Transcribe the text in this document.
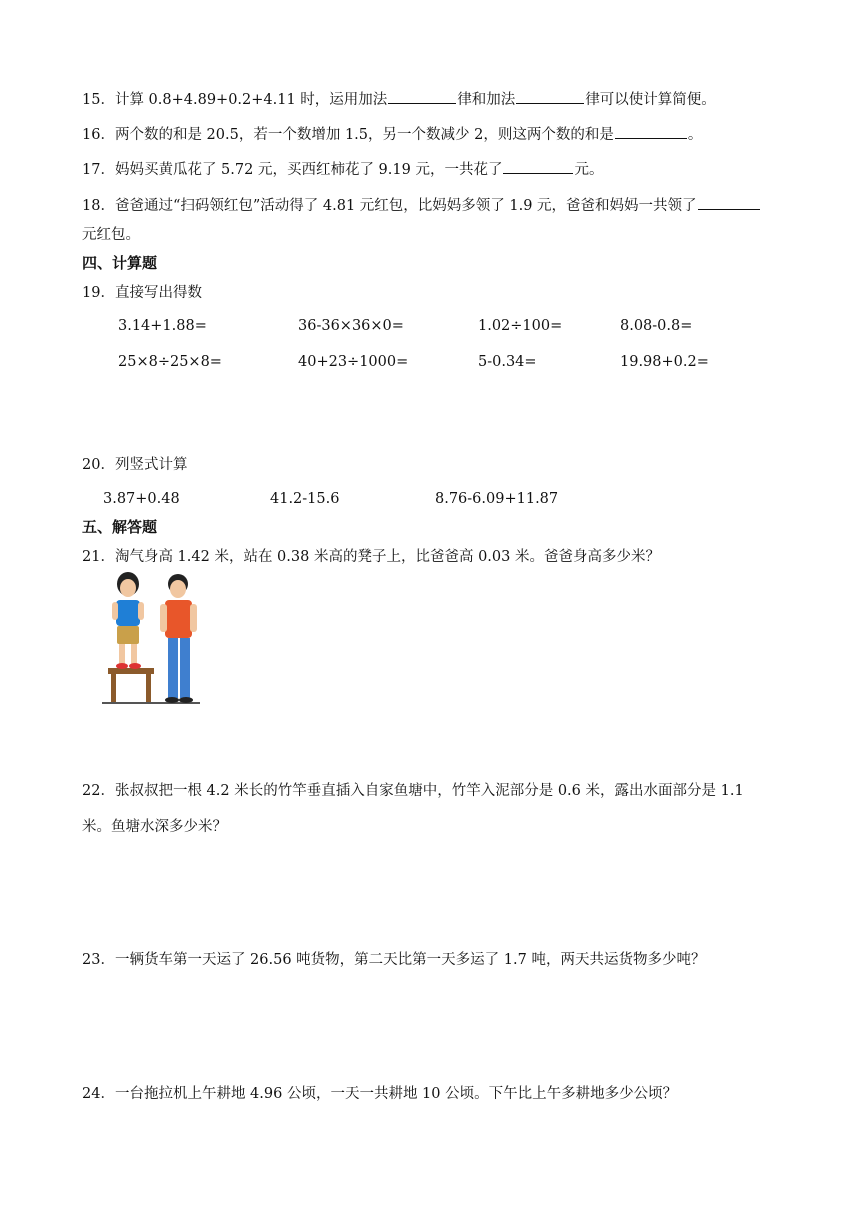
15．计算 0.8+4.89+0.2+4.11 时，运用加法	律和加法	律可以使计算简便。
16．两个数的和是 20.5，若一个数增加 1.5，另一个数减少 2，则这两个数的和是	。
17．妈妈买黄瓜花了 5.72 元，买西红柿花了 9.19 元，一共花了	元。
18．爸爸通过“扫码领红包”活动得了 4.81 元红包，比妈妈多领了 1.9 元，爸爸和妈妈一共领了
元红包。
四、计算题
19．直接写出得数
3.14+1.88=	36-36×36×0=	1.02÷100=	8.08-0.8=
25×8÷25×8=	40+23÷1000=	5-0.34=	19.98+0.2=
20．列竖式计算
3.87+0.48	41.2-15.6	8.76-6.09+11.87
五、解答题
21．淘气身高 1.42 米，站在 0.38 米高的凳子上，比爸爸高 0.03 米。爸爸身高多少米？
22．张叔叔把一根 4.2 米长的竹竿垂直插入自家鱼塘中，竹竿入泥部分是 0.6 米，露出水面部分是 1.1
米。鱼塘水深多少米？
23．一辆货车第一天运了 26.56 吨货物，第二天比第一天多运了 1.7 吨，两天共运货物多少吨？
24．一台拖拉机上午耕地 4.96 公顷，一天一共耕地 10 公顷。下午比上午多耕地多少公顷？
